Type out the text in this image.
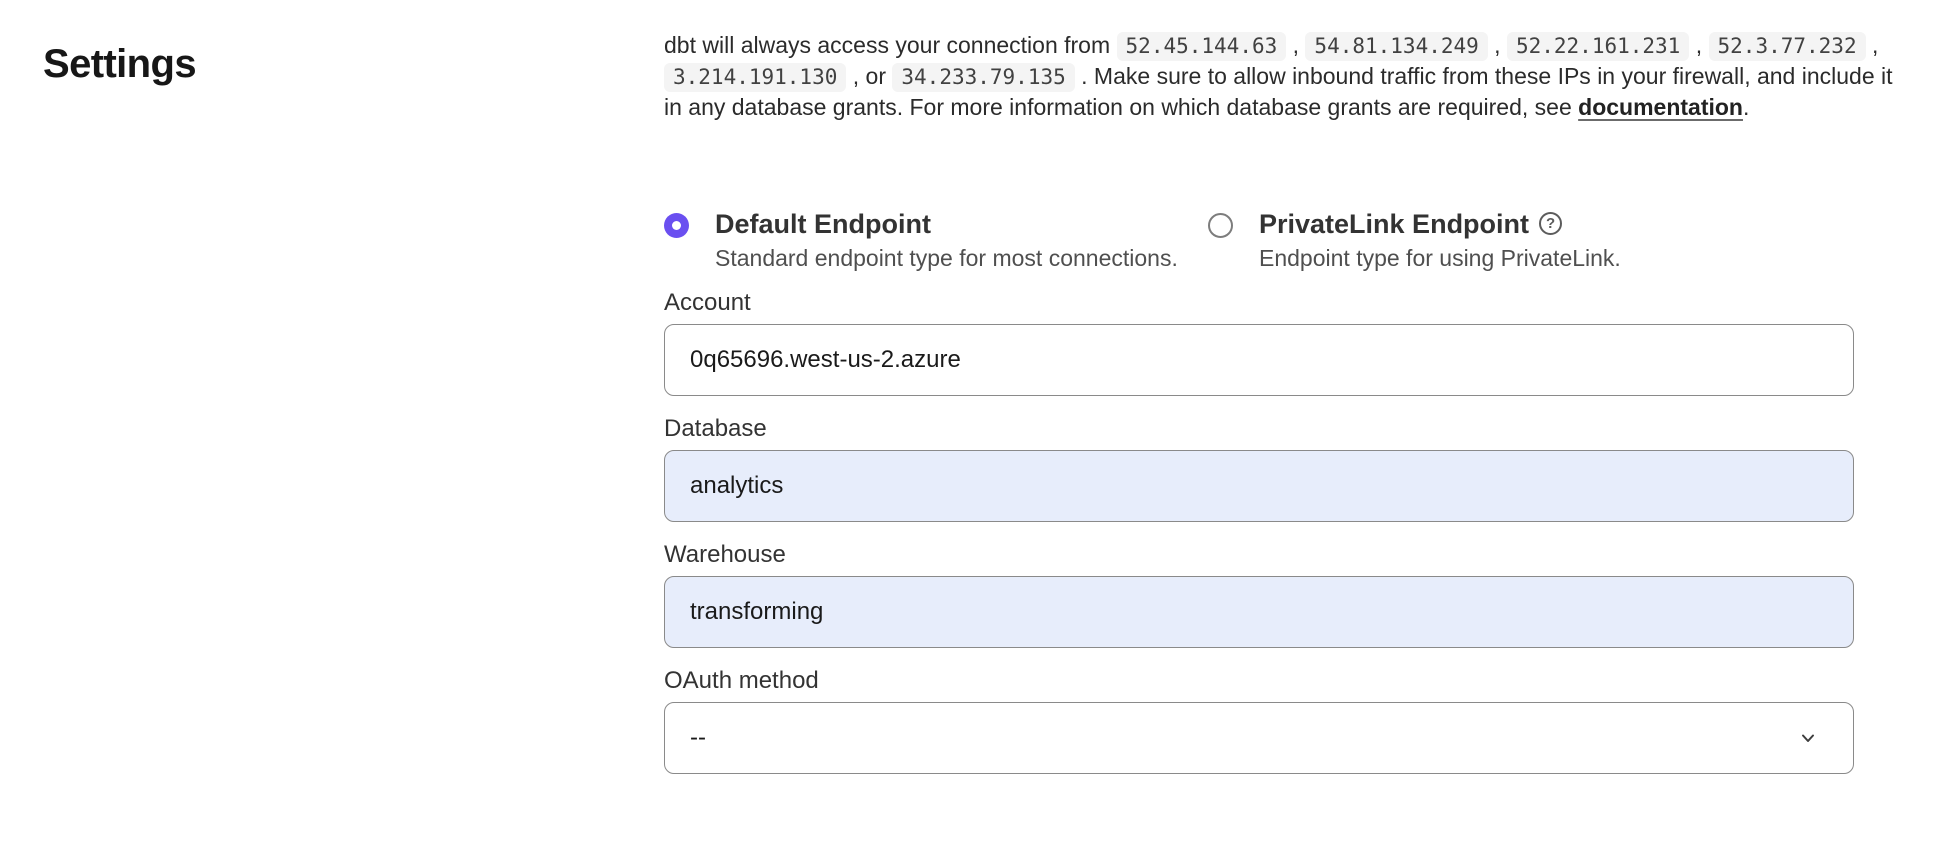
Settings	dbt will always access your connection from 52.45.144.63 , 54.81.134.249 , 52.22.161.231 , 52.3.77.232 , 3.214.191.130 , or 34.233.79.135 . Make sure to allow inbound traffic from these IPs in your firewall, and include it in any database grants. For more information on which database grants are required, see documentation.
Default Endpoint
Standard endpoint type for most connections.
PrivateLink Endpoint	?
Endpoint type for using PrivateLink.
Account
0q65696.west-us-2.azure
Database
analytics
Warehouse
transforming
OAuth method
--
